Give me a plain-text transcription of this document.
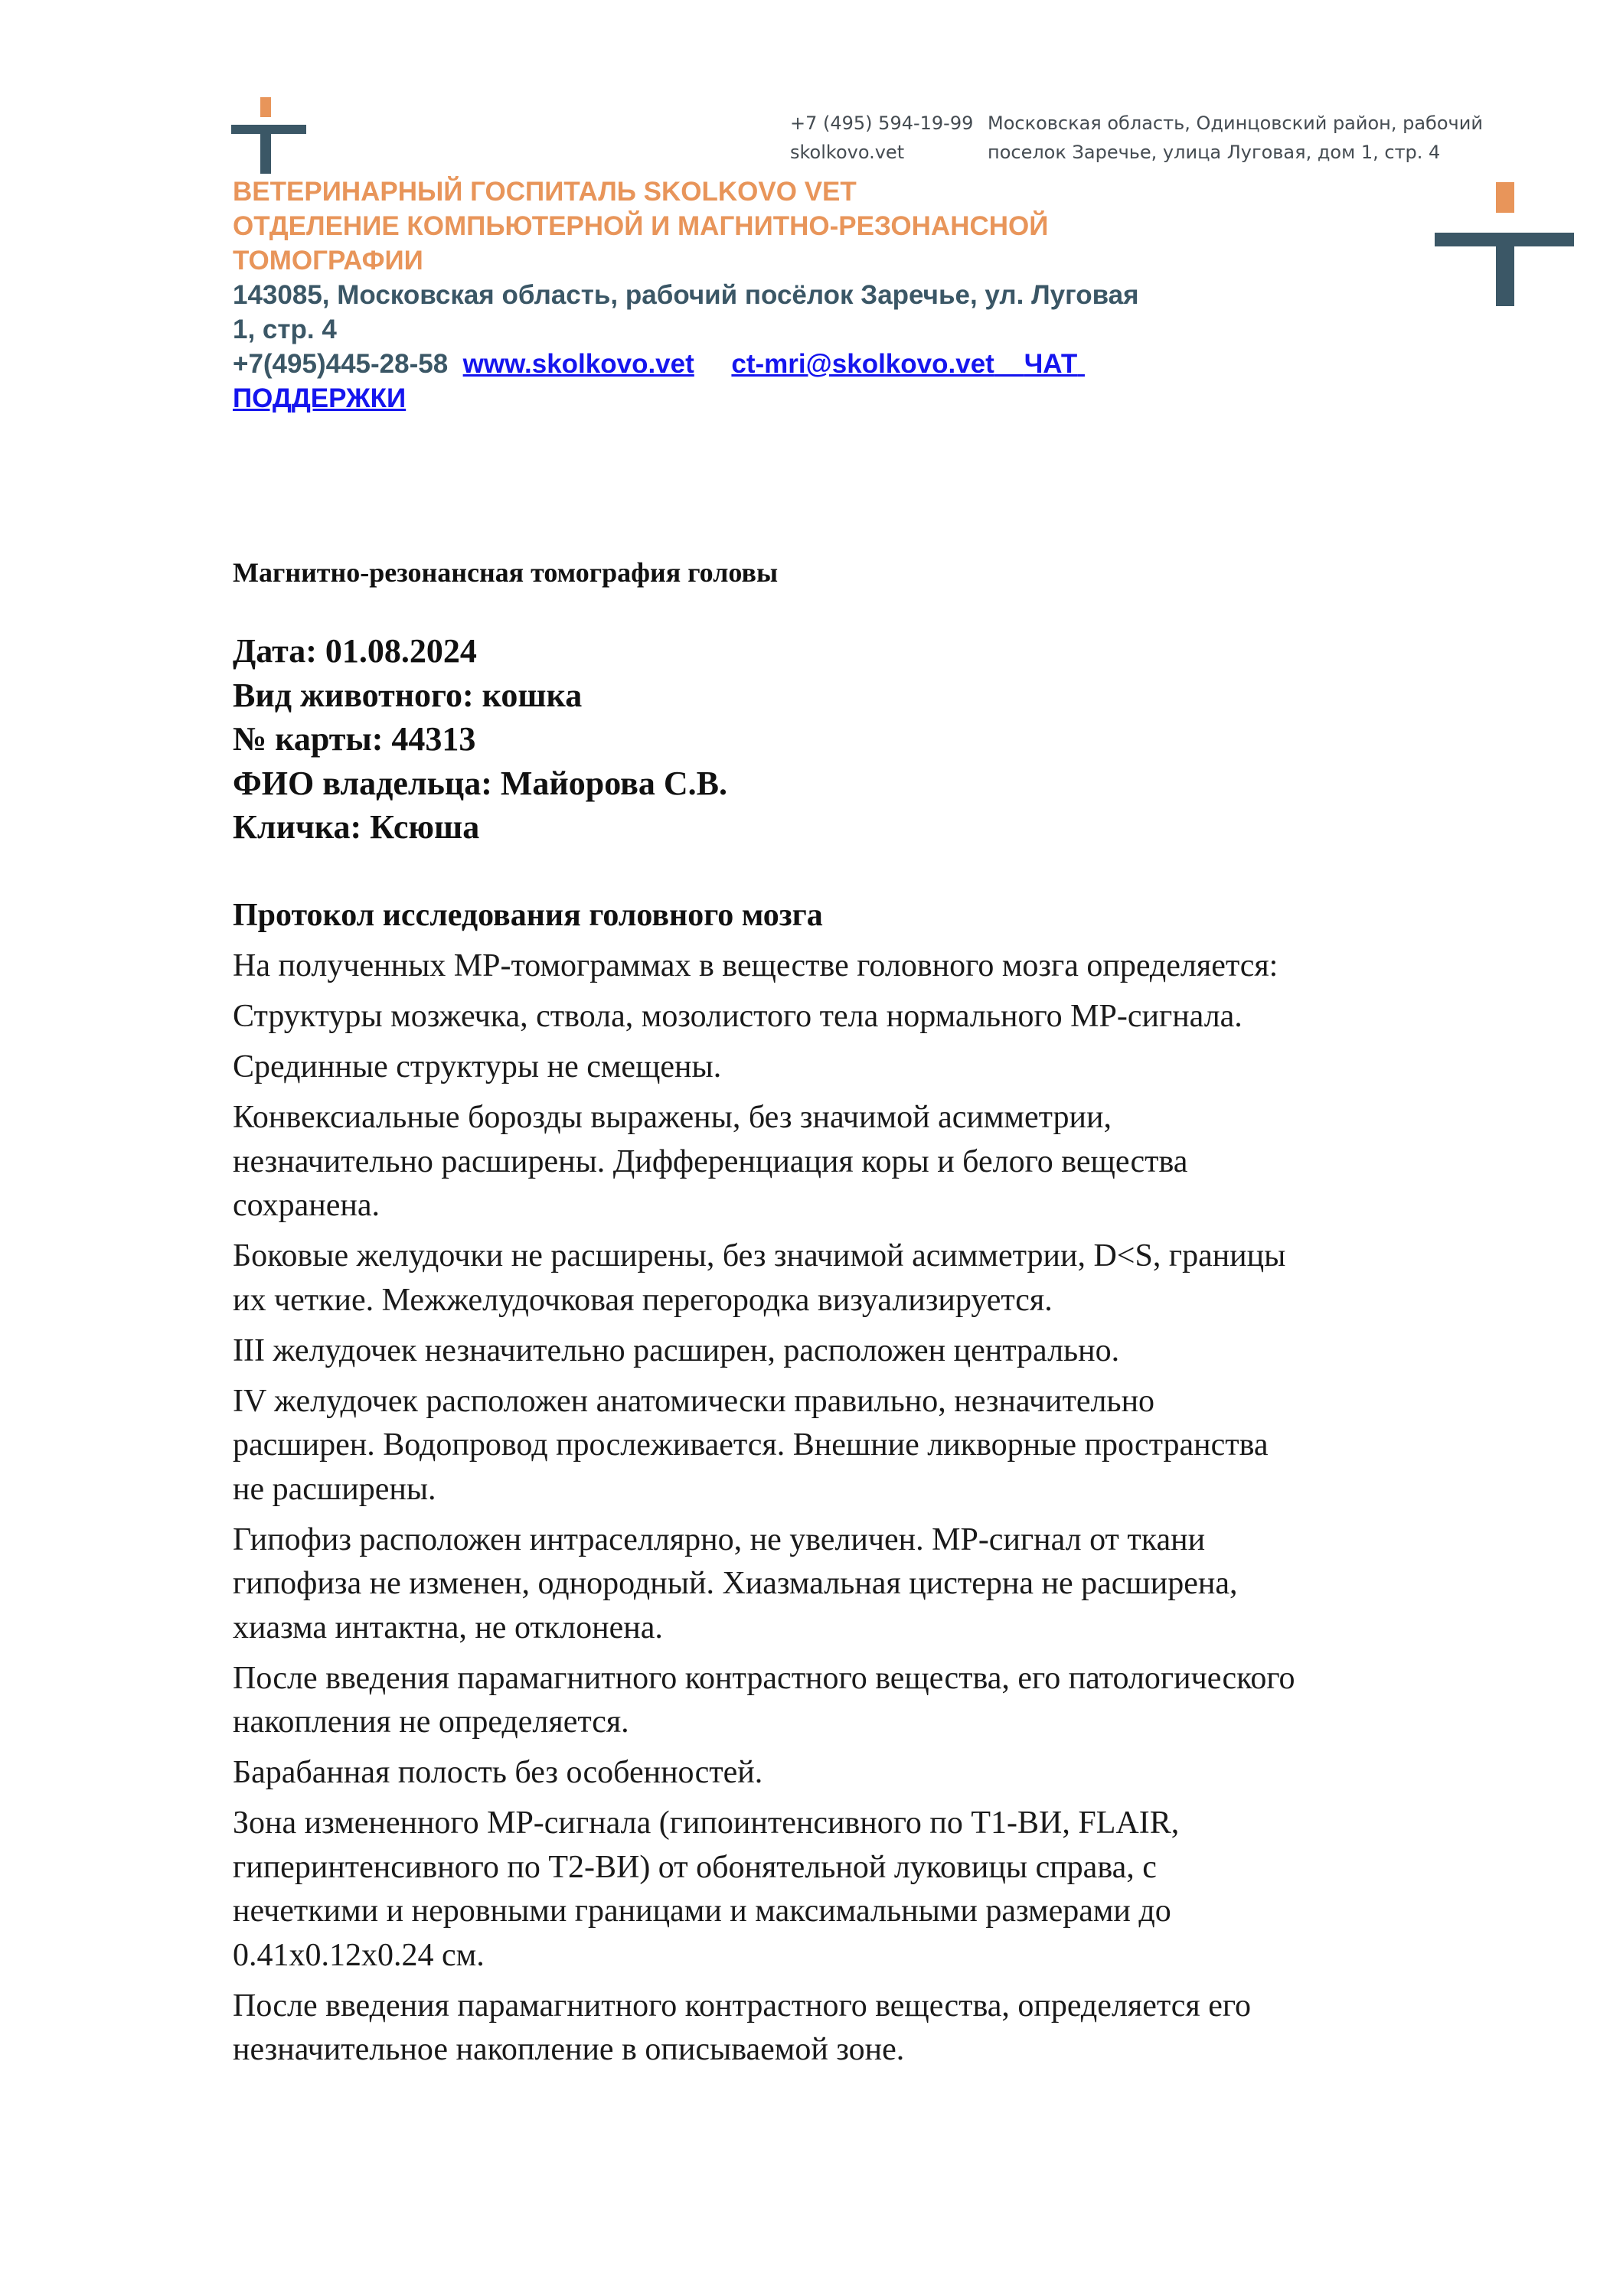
+7 (495) 594-19-99
skolkovo.vet
Московская область, Одинцовский район, рабочий
поселок Заречье, улица Луговая, дом 1, стр. 4
ВЕТЕРИНАРНЫЙ ГОСПИТАЛЬ SKOLKOVO VET
ОТДЕЛЕНИЕ КОМПЬЮТЕРНОЙ И МАГНИТНО-РЕЗОНАНСНОЙ
ТОМОГРАФИИ
143085, Московская область, рабочий посёлок Заречье, ул. Луговая
1, стр. 4
+7(495)445-28-58 www.skolkovo.vet ct-mri@skolkovo.vet ЧАТ
ПОДДЕРЖКИ
Магнитно-резонансная томография головы
Дата: 01.08.2024
Вид животного: кошка
№ карты: 44313
ФИО владельца: Майорова С.В.
Кличка: Ксюша
Протокол исследования головного мозга
На полученных МР-томограммах в веществе головного мозга определяется:
Структуры мозжечка, ствола, мозолистого тела нормального МР-сигнала.
Срединные структуры не смещены.
Конвексиальные борозды выражены, без значимой асимметрии,
незначительно расширены. Дифференциация коры и белого вещества
сохранена.
Боковые желудочки не расширены, без значимой асимметрии, D<S, границы
их четкие. Межжелудочковая перегородка визуализируется.
III желудочек незначительно расширен, расположен центрально.
IV желудочек расположен анатомически правильно, незначительно
расширен. Водопровод прослеживается. Внешние ликворные пространства
не расширены.
Гипофиз расположен интраселлярно, не увеличен. МР-сигнал от ткани
гипофиза не изменен, однородный. Хиазмальная цистерна не расширена,
хиазма интактна, не отклонена.
После введения парамагнитного контрастного вещества, его патологического
накопления не определяется.
Барабанная полость без особенностей.
Зона измененного МР-сигнала (гипоинтенсивного по Т1-ВИ, FLAIR,
гиперинтенсивного по Т2-ВИ) от обонятельной луковицы справа, с
нечеткими и неровными границами и максимальными размерами до
0.41х0.12х0.24 см.
После введения парамагнитного контрастного вещества, определяется его
незначительное накопление в описываемой зоне.
